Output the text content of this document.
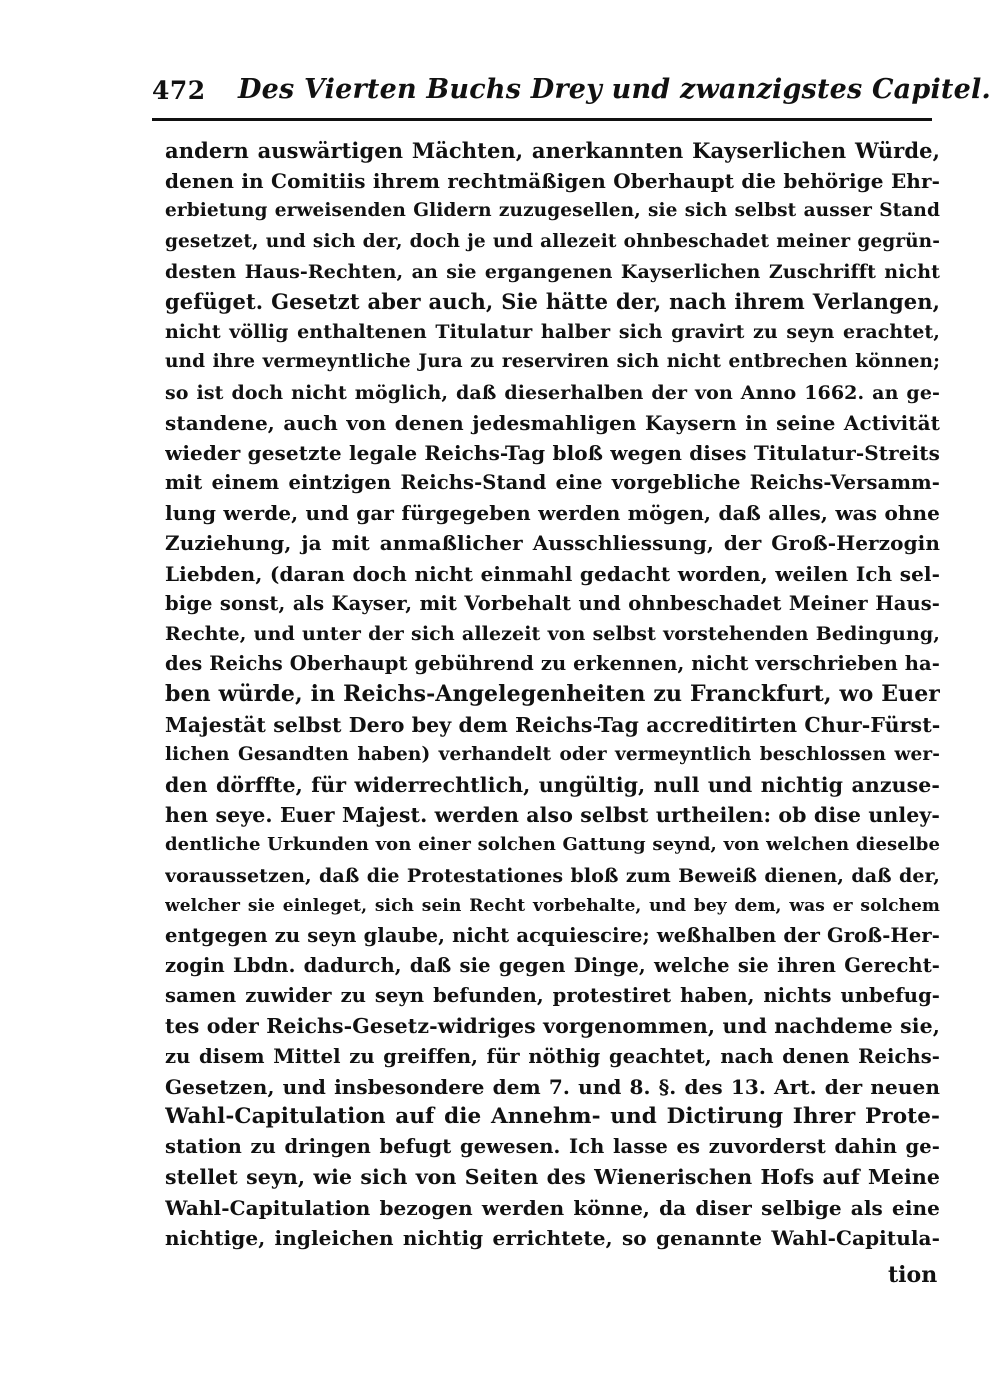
472 Des Vierten Buchs Drey und zwanzigstes Capitel.
andern auswärtigen Mächten, anerkannten Kayserlichen Würde,
denen in Comitiis ihrem rechtmäßigen Oberhaupt die behörige Ehr-
erbietung erweisenden Glidern zuzugesellen, sie sich selbst ausser Stand
gesetzet, und sich der, doch je und allezeit ohnbeschadet meiner gegrün-
desten Haus-Rechten, an sie ergangenen Kayserlichen Zuschrifft nicht
gefüget. Gesetzt aber auch, Sie hätte der, nach ihrem Verlangen,
nicht völlig enthaltenen Titulatur halber sich gravirt zu seyn erachtet,
und ihre vermeyntliche Jura zu reserviren sich nicht entbrechen können;
so ist doch nicht möglich, daß dieserhalben der von Anno 1662. an ge-
standene, auch von denen jedesmahligen Kaysern in seine Activität
wieder gesetzte legale Reichs-Tag bloß wegen dises Titulatur-Streits
mit einem eintzigen Reichs-Stand eine vorgebliche Reichs-Versamm-
lung werde, und gar fürgegeben werden mögen, daß alles, was ohne
Zuziehung, ja mit anmaßlicher Ausschliessung, der Groß-Herzogin
Liebden, (daran doch nicht einmahl gedacht worden, weilen Ich sel-
bige sonst, als Kayser, mit Vorbehalt und ohnbeschadet Meiner Haus-
Rechte, und unter der sich allezeit von selbst vorstehenden Bedingung,
des Reichs Oberhaupt gebührend zu erkennen, nicht verschrieben ha-
ben würde, in Reichs-Angelegenheiten zu Franckfurt, wo Euer
Majestät selbst Dero bey dem Reichs-Tag accreditirten Chur-Fürst-
lichen Gesandten haben) verhandelt oder vermeyntlich beschlossen wer-
den dörffte, für widerrechtlich, ungültig, null und nichtig anzuse-
hen seye. Euer Majest. werden also selbst urtheilen: ob dise unley-
dentliche Urkunden von einer solchen Gattung seynd, von welchen dieselbe
voraussetzen, daß die Protestationes bloß zum Beweiß dienen, daß der,
welcher sie einleget, sich sein Recht vorbehalte, und bey dem, was er solchem
entgegen zu seyn glaube, nicht acquiescire; weßhalben der Groß-Her-
zogin Lbdn. dadurch, daß sie gegen Dinge, welche sie ihren Gerecht-
samen zuwider zu seyn befunden, protestiret haben, nichts unbefug-
tes oder Reichs-Gesetz-widriges vorgenommen, und nachdeme sie,
zu disem Mittel zu greiffen, für nöthig geachtet, nach denen Reichs-
Gesetzen, und insbesondere dem 7. und 8. §. des 13. Art. der neuen
Wahl-Capitulation auf die Annehm- und Dictirung Ihrer Prote-
station zu dringen befugt gewesen. Ich lasse es zuvorderst dahin ge-
stellet seyn, wie sich von Seiten des Wienerischen Hofs auf Meine
Wahl-Capitulation bezogen werden könne, da diser selbige als eine
nichtige, ingleichen nichtig errichtete, so genannte Wahl-Capitula-
tion
